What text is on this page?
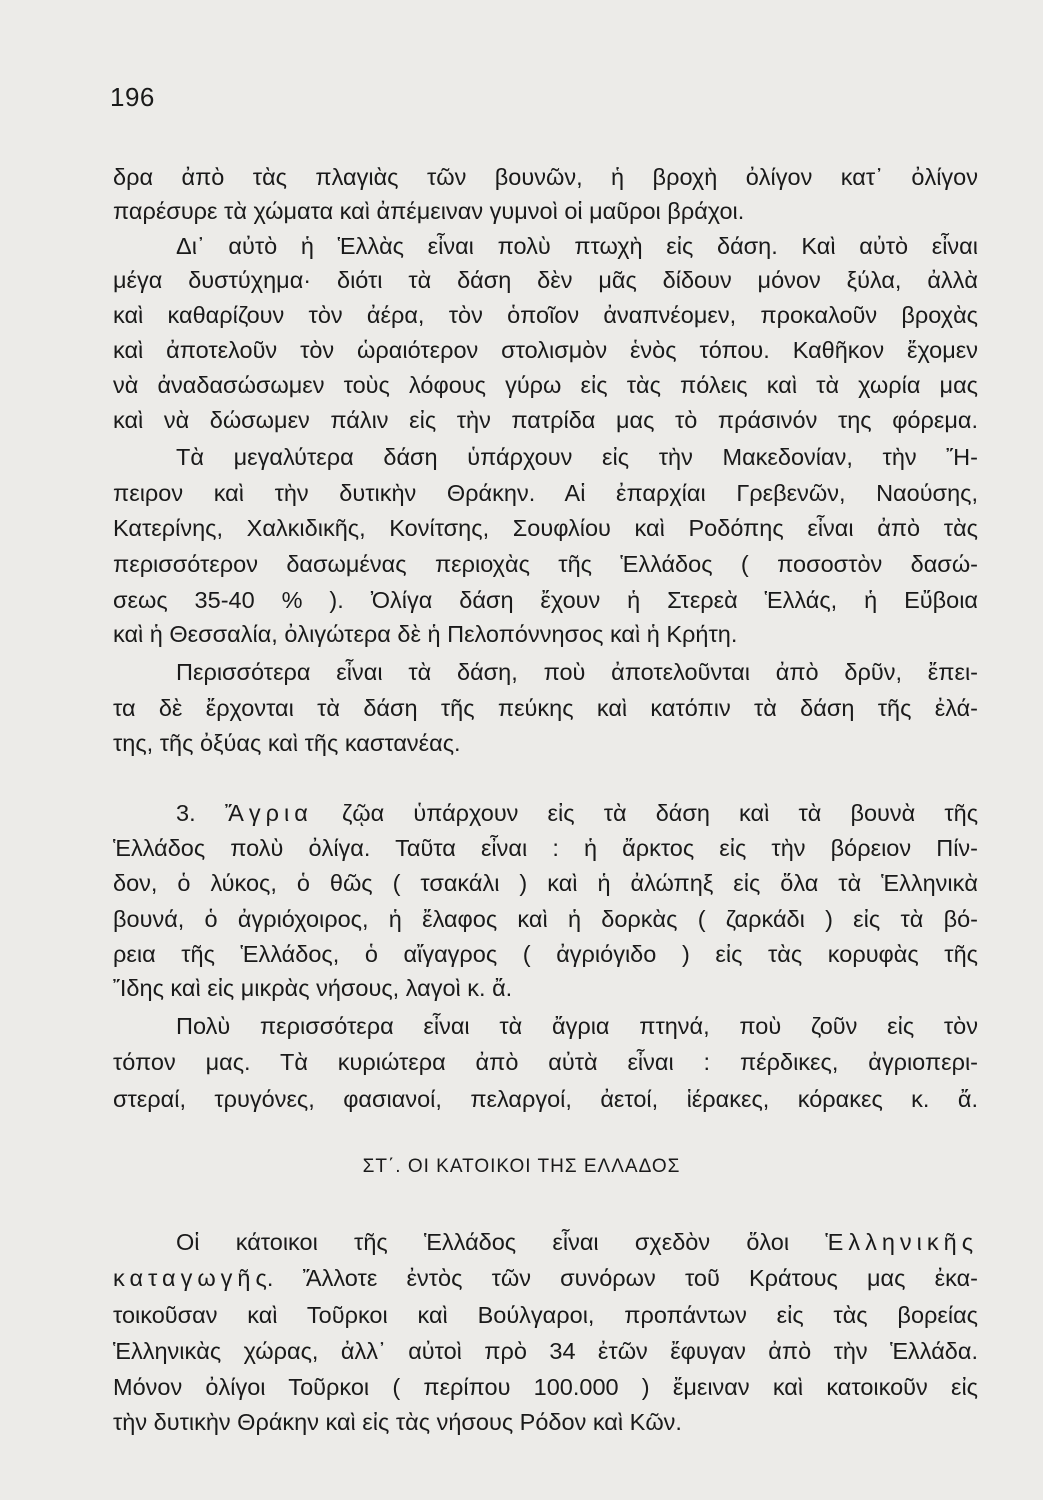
196
δρα ἀπὸ τὰς πλαγιὰς τῶν βουνῶν, ἡ βροχὴ ὀλίγον κατ᾽ ὀλίγον
παρέσυρε τὰ χώματα καὶ ἀπέμειναν γυμνοὶ οἱ μαῦροι βράχοι.
Δι᾽ αὐτὸ ἡ Ἑλλὰς εἶναι πολὺ πτωχὴ εἰς δάση. Καὶ αὐτὸ εἶναι
μέγα δυστύχημα· διότι τὰ δάση δὲν μᾶς δίδουν μόνον ξύλα, ἀλλὰ
καὶ καθαρίζουν τὸν ἀέρα, τὸν ὁποῖον ἀναπνέομεν, προκαλοῦν βροχὰς
καὶ ἀποτελοῦν τὸν ὡραιότερον στολισμὸν ἑνὸς τόπου. Καθῆκον ἔχομεν
νὰ ἀναδασώσωμεν τοὺς λόφους γύρω εἰς τὰς πόλεις καὶ τὰ χωρία μας
καὶ νὰ δώσωμεν πάλιν εἰς τὴν πατρίδα μας τὸ πράσινόν της φόρεμα.
Τὰ μεγαλύτερα δάση ὑπάρχουν εἰς τὴν Μακεδονίαν, τὴν Ἤ-
πειρον καὶ τὴν δυτικὴν Θράκην. Αἱ ἐπαρχίαι Γρεβενῶν, Ναούσης,
Κατερίνης, Χαλκιδικῆς, Κονίτσης, Σουφλίου καὶ Ροδόπης εἶναι ἀπὸ τὰς
περισσότερον δασωμένας περιοχὰς τῆς Ἑλλάδος ( ποσοστὸν δασώ-
σεως 35-40 % ). Ὀλίγα δάση ἔχουν ἡ Στερεὰ Ἑλλάς, ἡ Εὔβοια
καὶ ἡ Θεσσαλία, ὀλιγώτερα δὲ ἡ Πελοπόννησος καὶ ἡ Κρήτη.
Περισσότερα εἶναι τὰ δάση, ποὺ ἀποτελοῦνται ἀπὸ δρῦν, ἔπει-
τα δὲ ἔρχονται τὰ δάση τῆς πεύκης καὶ κατόπιν τὰ δάση τῆς ἐλά-
της, τῆς ὀξύας καὶ τῆς καστανέας.
3. Ἄγρια ζῷα ὑπάρχουν εἰς τὰ δάση καὶ τὰ βουνὰ τῆς
Ἑλλάδος πολὺ ὀλίγα. Ταῦτα εἶναι : ἡ ἄρκτος εἰς τὴν βόρειον Πίν-
δον, ὁ λύκος, ὁ θῶς ( τσακάλι ) καὶ ἡ ἀλώπηξ εἰς ὅλα τὰ Ἑλληνικὰ
βουνά, ὁ ἀγριόχοιρος, ἡ ἔλαφος καὶ ἡ δορκὰς ( ζαρκάδι ) εἰς τὰ βό-
ρεια τῆς Ἑλλάδος, ὁ αἴγαγρος ( ἀγριόγιδο ) εἰς τὰς κορυφὰς τῆς
Ἴδης καὶ εἰς μικρὰς νήσους, λαγοὶ κ. ἄ.
Πολὺ περισσότερα εἶναι τὰ ἄγρια πτηνά, ποὺ ζοῦν εἰς τὸν
τόπον μας. Τὰ κυριώτερα ἀπὸ αὐτὰ εἶναι : πέρδικες, ἀγριοπερι-
στεραί, τρυγόνες, φασιανοί, πελαργοί, ἀετοί, ἱέρακες, κόρακες κ. ἄ.
ΣΤ΄. ΟΙ ΚΑΤΟΙΚΟΙ ΤΗΣ ΕΛΛΑΔΟΣ
Οἱ κάτοικοι τῆς Ἑλλάδος εἶναι σχεδὸν ὅλοι Ἑλληνικῆς
καταγωγῆς. Ἄλλοτε ἐντὸς τῶν συνόρων τοῦ Κράτους μας ἐκα-
τοικοῦσαν καὶ Τοῦρκοι καὶ Βούλγαροι, προπάντων εἰς τὰς βορείας
Ἑλληνικὰς χώρας, ἀλλ᾽ αὐτοὶ πρὸ 34 ἐτῶν ἔφυγαν ἀπὸ τὴν Ἑλλάδα.
Μόνον ὀλίγοι Τοῦρκοι ( περίπου 100.000 ) ἔμειναν καὶ κατοικοῦν εἰς
τὴν δυτικὴν Θράκην καὶ εἰς τὰς νήσους Ρόδον καὶ Κῶν.
